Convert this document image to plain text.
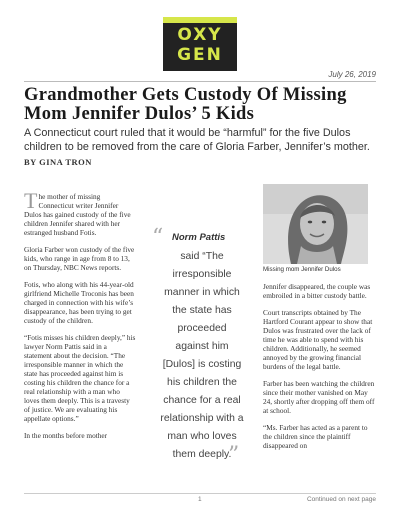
OXY
GEN
July 26, 2019
Grandmother Gets Custody Of Missing Mom Jennifer Dulos’ 5 Kids
A Connecticut court ruled that it would be “harmful” for the five Dulos children to be removed from the care of Gloria Farber, Jennifer’s mother.
BY GINA TRON

The mother of missing Connecticut writer Jennifer Dulos has gained custody of the five children Jennifer shared with her estranged husband Fotis.

Gloria Farber won custody of the five kids, who range in age from 8 to 13, on Thursday, NBC News reports.

Fotis, who along with his 44-year-old girlfriend Michelle Troconis has been charged in connection with his wife’s disappearance, has been trying to get custody of the children.

“Fotis misses his children deeply,” his lawyer Norm Pattis said in a statement about the decision. “The irresponsible manner in which the state has proceeded against him is costing his children the chance for a real relationship with a man who loves them deeply. This is a travesty of justice. We are evaluating his appellate options.”

In the months before mother

“ Norm Pattis
said “The irresponsible manner in which the state has proceeded against him [Dulos] is costing his children the chance for a real relationship with a man who loves them deeply.
”
Missing mom Jennifer Dulos

Jennifer disappeared, the couple was embroiled in a bitter custody battle.

Court transcripts obtained by The Hartford Courant appear to show that Dulos was frustrated over the lack of time he was able to spend with his children. Additionally, he seemed annoyed by the growing financial burdens of the legal battle.

Farber has been watching the children since their mother vanished on May 24, shortly after dropping off them off at school.

“Ms. Farber has acted as a parent to the children since the plaintiff disappeared on

1	Continued on next page
